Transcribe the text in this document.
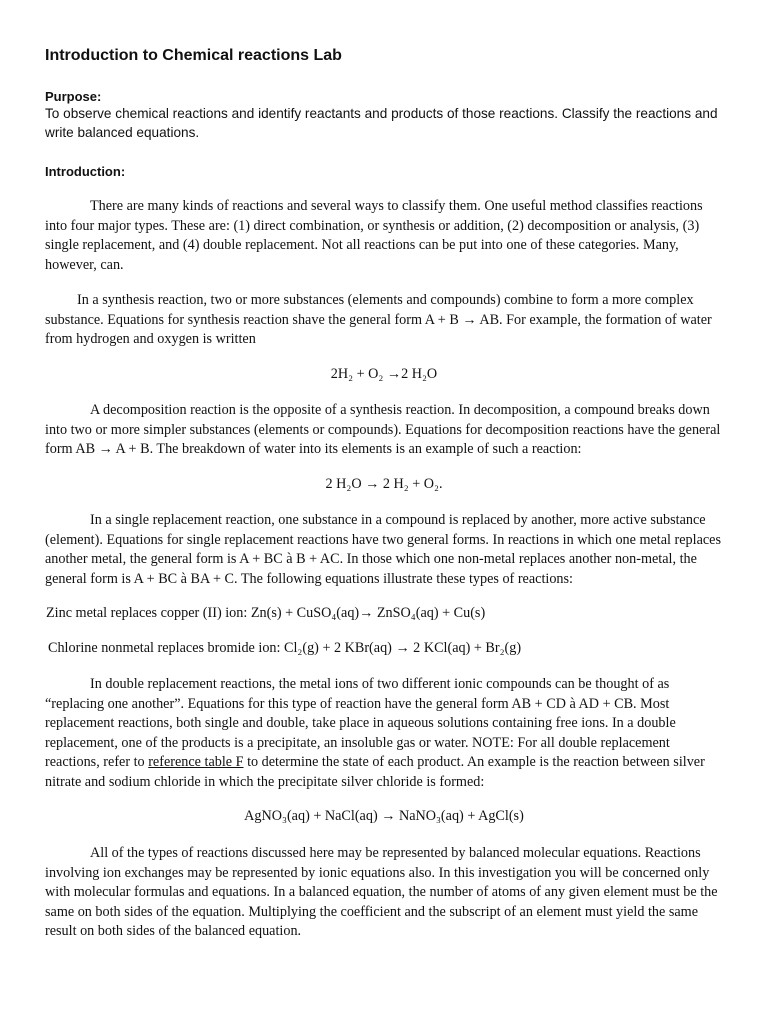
Introduction to Chemical reactions Lab
Purpose:
To observe chemical reactions and identify reactants and products of those reactions. Classify the reactions and write balanced equations.
Introduction:
There are many kinds of reactions and several ways to classify them. One useful method classifies reactions into four major types. These are: (1) direct combination, or synthesis or addition, (2) decomposition or analysis, (3) single replacement, and (4) double replacement. Not all reactions can be put into one of these categories. Many, however, can.
In a synthesis reaction, two or more substances (elements and compounds) combine to form a more complex substance. Equations for synthesis reaction shave the general form A + B → AB. For example, the formation of water from hydrogen and oxygen is written
2H₂ + O₂ →2 H₂O
A decomposition reaction is the opposite of a synthesis reaction. In decomposition, a compound breaks down into two or more simpler substances (elements or compounds). Equations for decomposition reactions have the general form AB → A + B. The breakdown of water into its elements is an example of such a reaction:
2 H₂O → 2 H₂ + O₂.
In a single replacement reaction, one substance in a compound is replaced by another, more active substance (element). Equations for single replacement reactions have two general forms. In reactions in which one metal replaces another metal, the general form is A + BC à B + AC. In those which one non-metal replaces another non-metal, the general form is A + BC à BA + C. The following equations illustrate these types of reactions:
Zinc metal replaces copper (II) ion: Zn(s) + CuSO₄(aq)→ ZnSO₄(aq) + Cu(s)
Chlorine nonmetal replaces bromide ion: Cl₂(g) + 2 KBr(aq) → 2 KCl(aq) + Br₂(g)
In double replacement reactions, the metal ions of two different ionic compounds can be thought of as “replacing one another”. Equations for this type of reaction have the general form AB + CD à AD + CB. Most replacement reactions, both single and double, take place in aqueous solutions containing free ions. In a double replacement, one of the products is a precipitate, an insoluble gas or water. NOTE: For all double replacement reactions, refer to reference table F to determine the state of each product. An example is the reaction between silver nitrate and sodium chloride in which the precipitate silver chloride is formed:
AgNO₃(aq) + NaCl(aq) → NaNO₃(aq) + AgCl(s)
All of the types of reactions discussed here may be represented by balanced molecular equations. Reactions involving ion exchanges may be represented by ionic equations also. In this investigation you will be concerned only with molecular formulas and equations. In a balanced equation, the number of atoms of any given element must be the same on both sides of the equation. Multiplying the coefficient and the subscript of an element must yield the same result on both sides of the balanced equation.
